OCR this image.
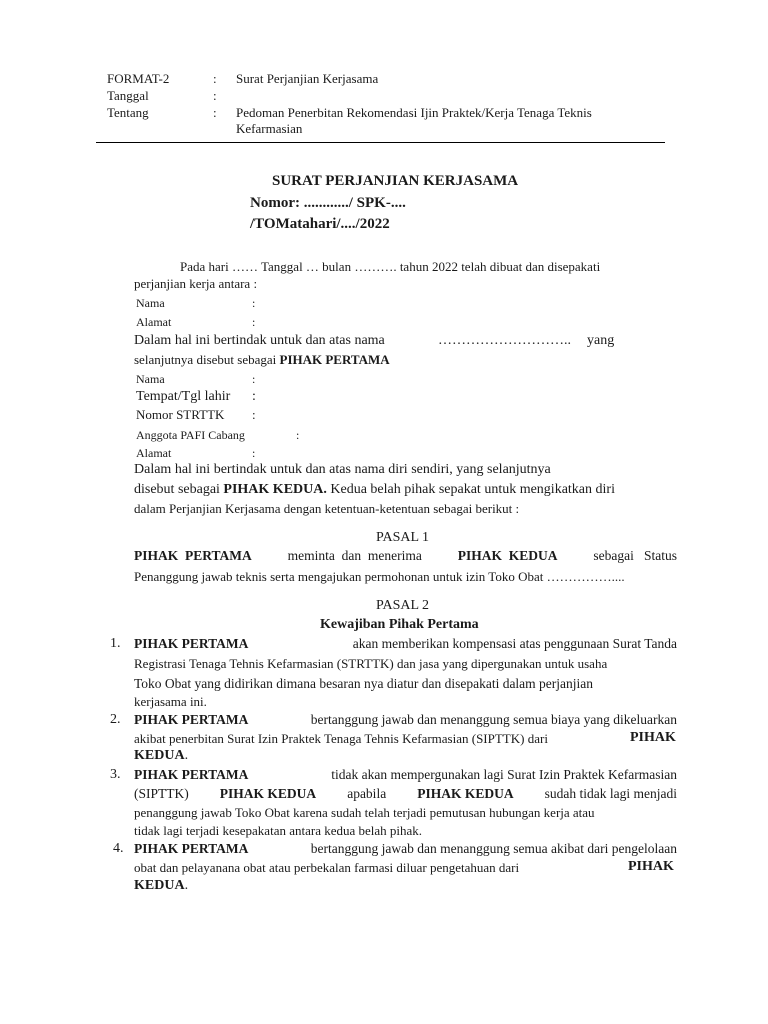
FORMAT-2	: Surat Perjanjian Kerjasama
Tanggal	:
Tentang	: Pedoman Penerbitan Rekomendasi Ijin Praktek/Kerja Tenaga Teknis
Kefarmasian
SURAT PERJANJIAN KERJASAMA
Nomor: ............/ SPK-....
/TOMatahari/..../2022
Pada hari …… Tanggal … bulan ………. tahun 2022 telah dibuat dan disepakati
perjanjian kerja antara :
Nama	:
Alamat	:
Dalam hal ini bertindak untuk dan atas nama	……………………….. yang
selanjutnya disebut sebagai PIHAK PERTAMA
Nama	:
Tempat/Tgl lahir :
Nomor STRTTK :
Anggota PAFI Cabang	:
Alamat	:
Dalam hal ini bertindak untuk dan atas nama diri sendiri, yang selanjutnya
disebut sebagai PIHAK KEDUA. Kedua belah pihak sepakat untuk mengikatkan diri
dalam Perjanjian Kerjasama dengan ketentuan-ketentuan sebagai berikut :
PASAL 1
PIHAK  PERTAMA	meminta  dan  menerima	PIHAK  KEDUA	sebagai   Status
Penanggung jawab teknis serta mengajukan permohonan untuk izin Toko Obat ……………....
PASAL 2
Kewajiban Pihak Pertama
1. PIHAK PERTAMA	akan memberikan kompensasi atas penggunaan Surat Tanda
Registrasi Tenaga Tehnis Kefarmasian (STRTTK) dan jasa yang dipergunakan untuk usaha
Toko Obat yang didirikan dimana besaran nya diatur dan disepakati dalam perjanjian
kerjasama ini.
2. PIHAK PERTAMA	bertanggung jawab dan menanggung semua biaya yang dikeluarkan
akibat penerbitan Surat Izin Praktek Tenaga Tehnis Kefarmasian (SIPTTK) dari	PIHAK
KEDUA.
3. PIHAK PERTAMA	tidak akan mempergunakan lagi Surat Izin Praktek Kefarmasian
(SIPTTK) PIHAK KEDUA apabila PIHAK KEDUA sudah tidak lagi menjadi
penanggung jawab Toko Obat karena sudah telah terjadi pemutusan hubungan kerja atau
tidak lagi terjadi kesepakatan antara kedua belah pihak.
4. PIHAK PERTAMA	bertanggung jawab dan menanggung semua akibat dari pengelolaan
obat dan pelayanana obat atau perbekalan farmasi diluar pengetahuan dari	PIHAK
KEDUA.
